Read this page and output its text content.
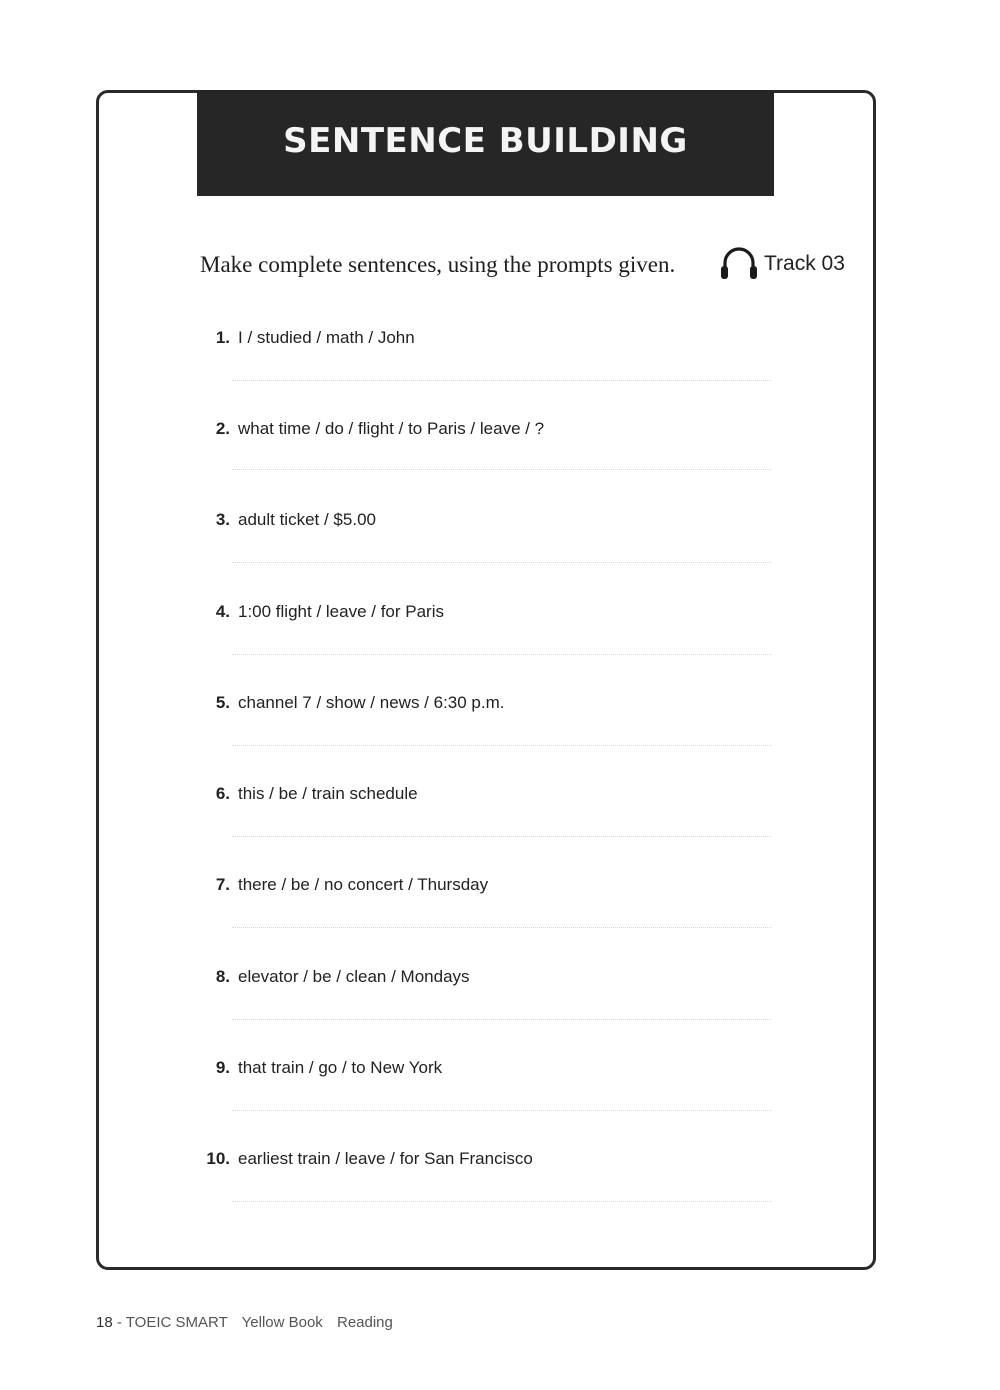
SENTENCE BUILDING
Make complete sentences, using the prompts given.	Track 03
1. I / studied / math / John
2. what time / do / flight / to Paris / leave / ?
3. adult ticket / $5.00
4. 1:00 flight / leave / for Paris
5. channel 7 / show / news / 6:30 p.m.
6. this / be / train schedule
7. there / be / no concert / Thursday
8. elevator / be / clean / Mondays
9. that train / go / to New York
10. earliest train / leave / for San Francisco
18 - TOEIC SMART Yellow Book Reading
